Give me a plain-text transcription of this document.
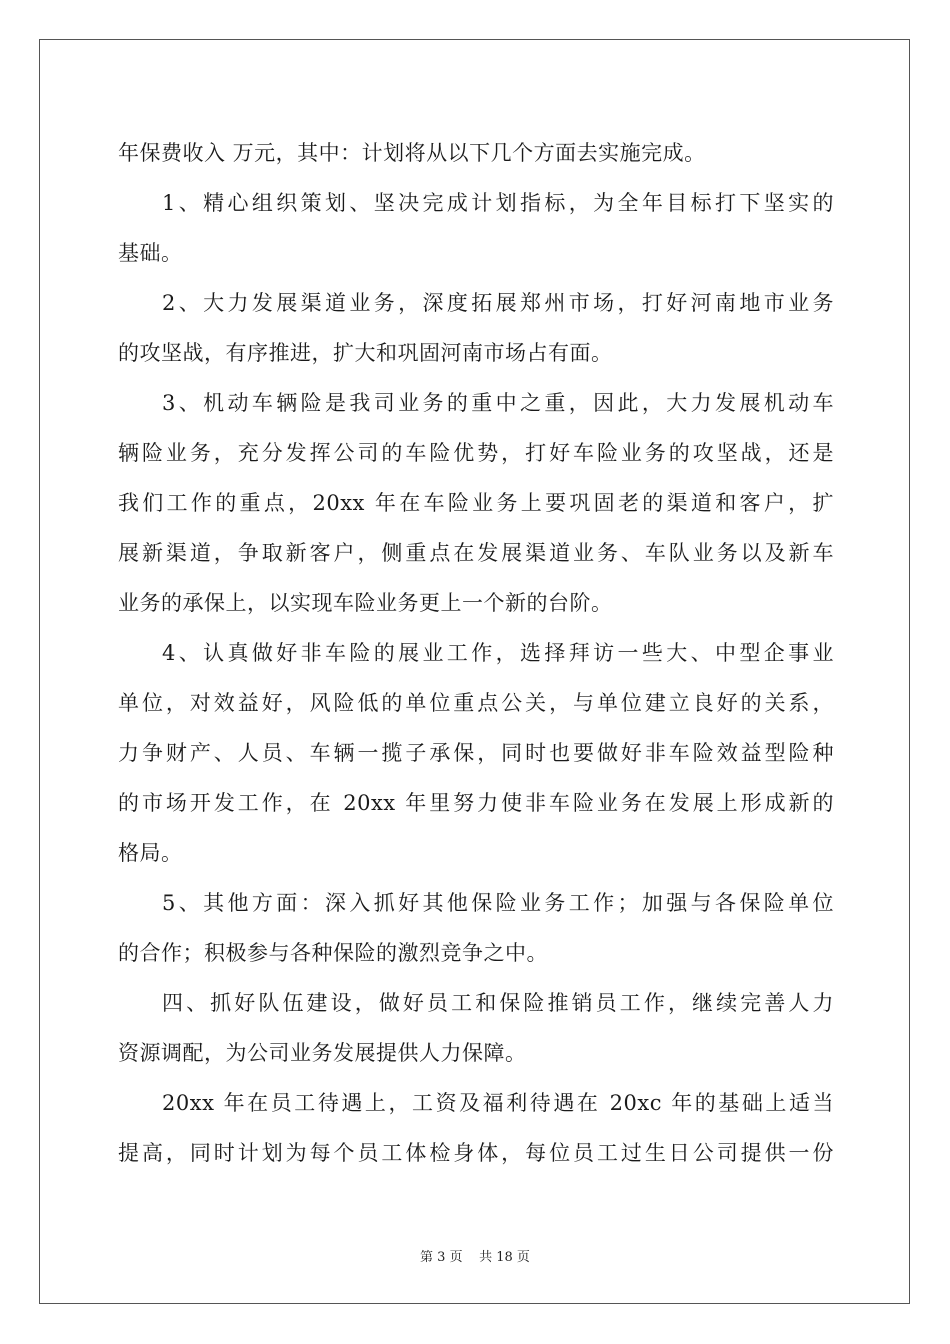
年保费收入 万元，其中：计划将从以下几个方面去实施完成。
1、精心组织策划、坚决完成计划指标，为全年目标打下坚实的
基础。
2、大力发展渠道业务，深度拓展郑州市场，打好河南地市业务
的攻坚战，有序推进，扩大和巩固河南市场占有面。
3、机动车辆险是我司业务的重中之重，因此，大力发展机动车
辆险业务，充分发挥公司的车险优势，打好车险业务的攻坚战，还是
我们工作的重点，20xx 年在车险业务上要巩固老的渠道和客户，扩
展新渠道，争取新客户，侧重点在发展渠道业务、车队业务以及新车
业务的承保上，以实现车险业务更上一个新的台阶。
4、认真做好非车险的展业工作，选择拜访一些大、中型企事业
单位，对效益好，风险低的单位重点公关，与单位建立良好的关系，
力争财产、人员、车辆一揽子承保，同时也要做好非车险效益型险种
的市场开发工作，在 20xx 年里努力使非车险业务在发展上形成新的
格局。
5、其他方面：深入抓好其他保险业务工作；加强与各保险单位
的合作；积极参与各种保险的激烈竞争之中。
四、抓好队伍建设，做好员工和保险推销员工作，继续完善人力
资源调配，为公司业务发展提供人力保障。
20xx 年在员工待遇上，工资及福利待遇在 20xc 年的基础上适当
提高，同时计划为每个员工体检身体，每位员工过生日公司提供一份
第 3 页 共 18 页
